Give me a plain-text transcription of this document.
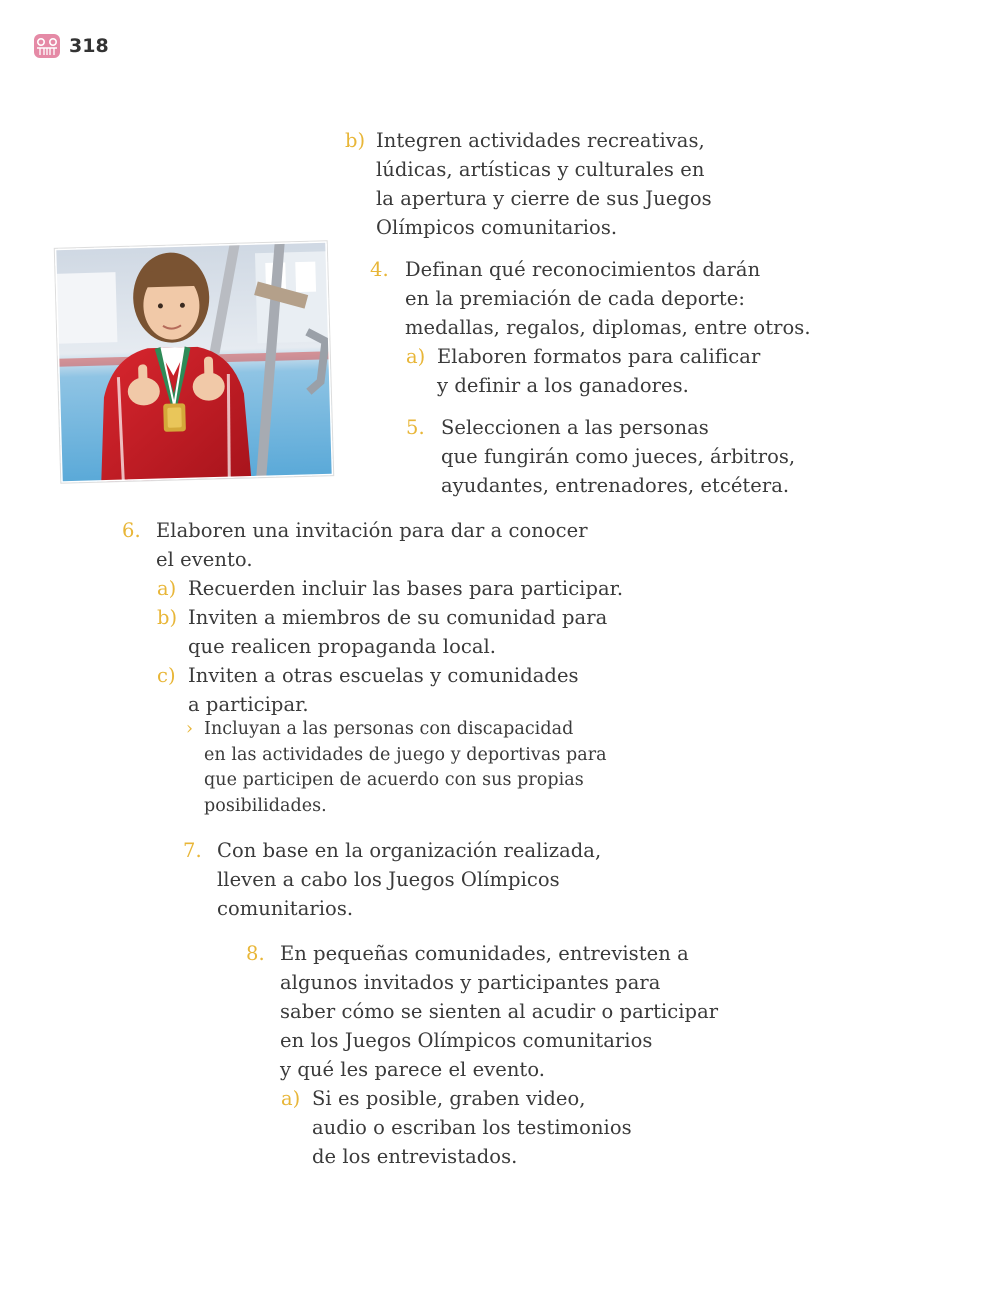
318
b) Integren actividades recreativas,
lúdicas, artísticas y culturales en
la apertura y cierre de sus Juegos
Olímpicos comunitarios.
4. Definan qué reconocimientos darán
en la premiación de cada deporte:
medallas, regalos, diplomas, entre otros.
a) Elaboren formatos para calificar
y definir a los ganadores.
5. Seleccionen a las personas
que fungirán como jueces, árbitros,
ayudantes, entrenadores, etcétera.
6. Elaboren una invitación para dar a conocer
el evento.
a) Recuerden incluir las bases para participar.
b) Inviten a miembros de su comunidad para
que realicen propaganda local.
c) Inviten a otras escuelas y comunidades
a participar.
› Incluyan a las personas con discapacidad
en las actividades de juego y deportivas para
que participen de acuerdo con sus propias
posibilidades.
7. Con base en la organización realizada,
lleven a cabo los Juegos Olímpicos
comunitarios.
8. En pequeñas comunidades, entrevisten a
algunos invitados y participantes para
saber cómo se sienten al acudir o participar
en los Juegos Olímpicos comunitarios
y qué les parece el evento.
a) Si es posible, graben video,
audio o escriban los testimonios
de los entrevistados.
